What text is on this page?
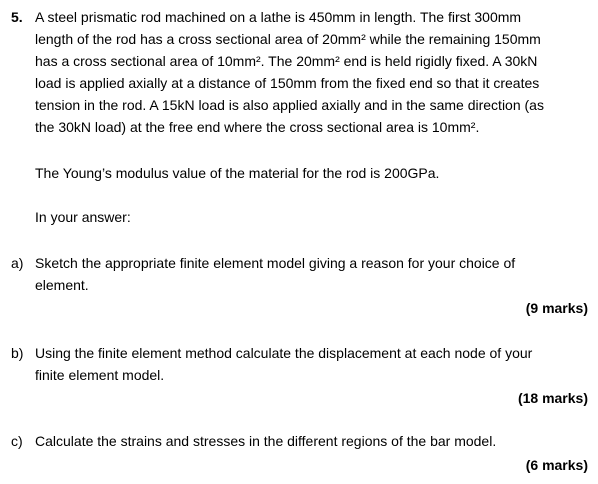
5. A steel prismatic rod machined on a lathe is 450mm in length. The first 300mm
length of the rod has a cross sectional area of 20mm² while the remaining 150mm
has a cross sectional area of 10mm². The 20mm² end is held rigidly fixed. A 30kN
load is applied axially at a distance of 150mm from the fixed end so that it creates
tension in the rod. A 15kN load is also applied axially and in the same direction (as
the 30kN load) at the free end where the cross sectional area is 10mm².
The Young’s modulus value of the material for the rod is 200GPa.
In your answer:
a) Sketch the appropriate finite element model giving a reason for your choice of
element.
(9 marks)
b) Using the finite element method calculate the displacement at each node of your
finite element model.
(18 marks)
c) Calculate the strains and stresses in the different regions of the bar model.
(6 marks)
